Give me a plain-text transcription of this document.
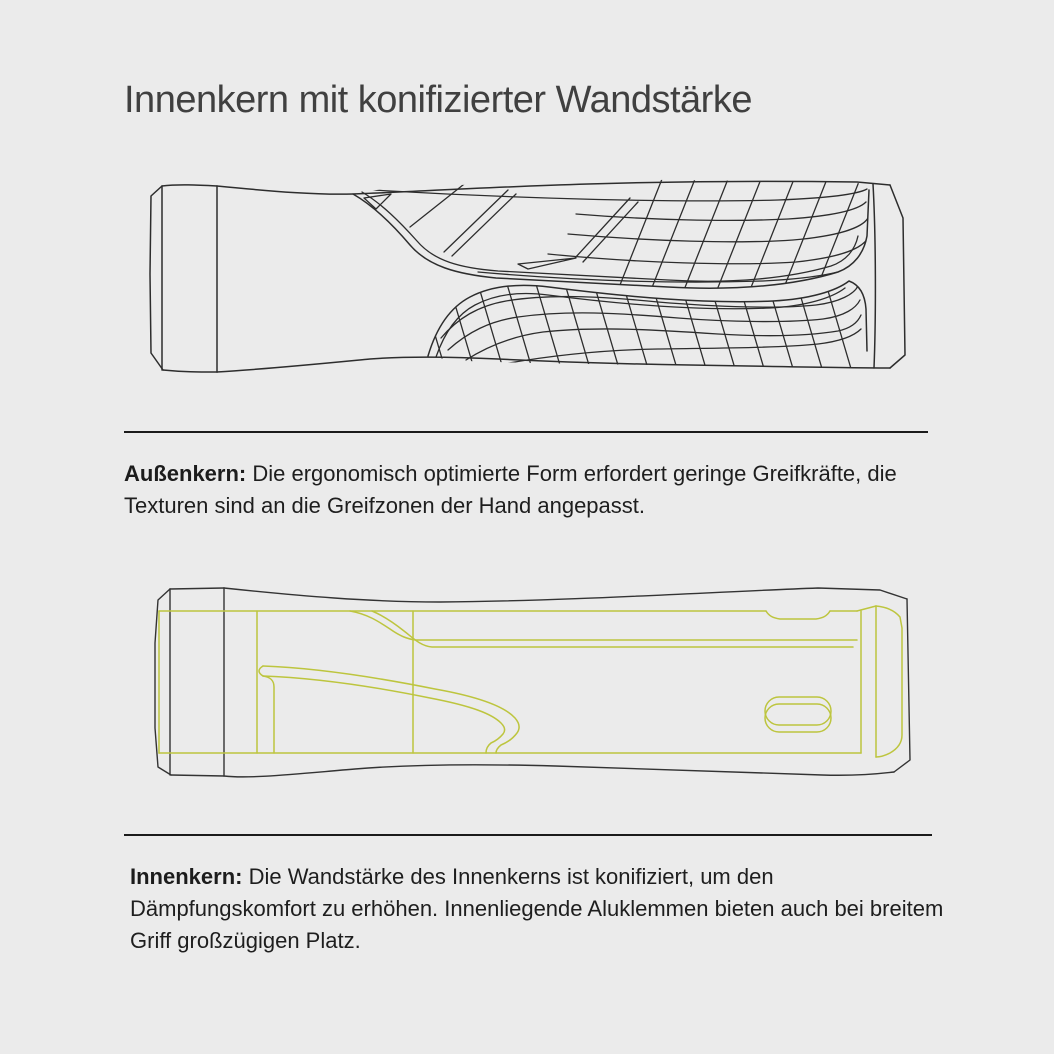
Innenkern mit konifizierter Wandstärke

Außenkern: Die ergonomisch optimierte Form erfordert geringe Greifkräfte, die Texturen sind an die Greifzonen der Hand angepasst.

Innenkern: Die Wandstärke des Innenkerns ist konifiziert, um den Dämpfungskomfort zu erhöhen. Innenliegende Aluklemmen bieten auch bei breitem Griff großzügigen Platz.
